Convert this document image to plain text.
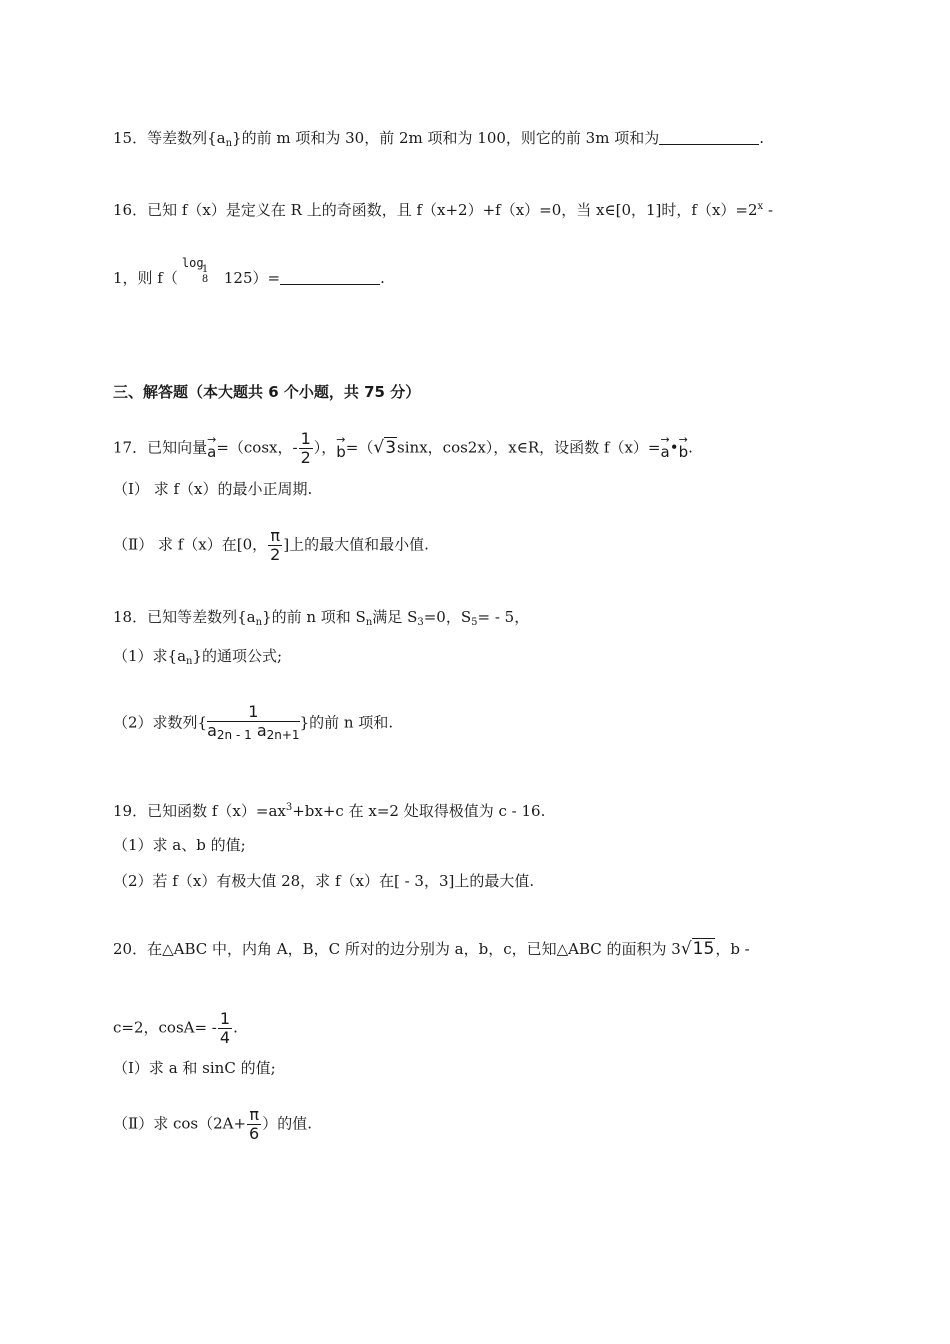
15．等差数列$\{a_n\}$的前 m 项和为 30，前 2m 项和为 100，则它的前 3m 项和为	.
16．已知 f（x）是定义在 R 上的奇函数，且 f（x+2）+f（x）=0，当 x∈[0，1]时，$f(x)=2^x$ -
1，则 f（
log
1
8 125）=	.
三、解答题（本大题共 6 个小题，共 75 分）
17．已知向量→ a=（cosx，- $\frac{1}{2}$ ），→ b=（√3sinx，cos2x），x∈R，设函数 f（x）=→ a•→ b.
（Ⅰ） 求 f（x）的最小正周期.
（Ⅱ） 求 f（x）在[0， $\frac{\pi}{2}$ ]上的最大值和最小值.
18．已知等差数列$\{a_n\}$的前 n 项和 $S_n$满足 $S_3=0$，$S_5= - 5$，
（1）求$\{a_n\}$的通项公式;
（2）求数列{ $\frac{1}{a_{2n - 1} a_{2n+1}}$ }的前 n 项和.
19．已知函数 $f(x)=ax^3+bx+c$ 在 x=2 处取得极值为 c - 16.
（1）求 a、b 的值;
（2）若 f（x）有极大值 28，求 f（x）在[ - 3，3]上的最大值.
20．在△ABC 中，内角 A，B，C 所对的边分别为 a，b，c，已知△ABC 的面积为 3√15，b -
c=2，$\cos A= - \frac{1}{4}$ .
（Ⅰ）求 a 和 sinC 的值;
（Ⅱ）求 $\cos(2A+ \frac{\pi}{6}$ ）的值.
